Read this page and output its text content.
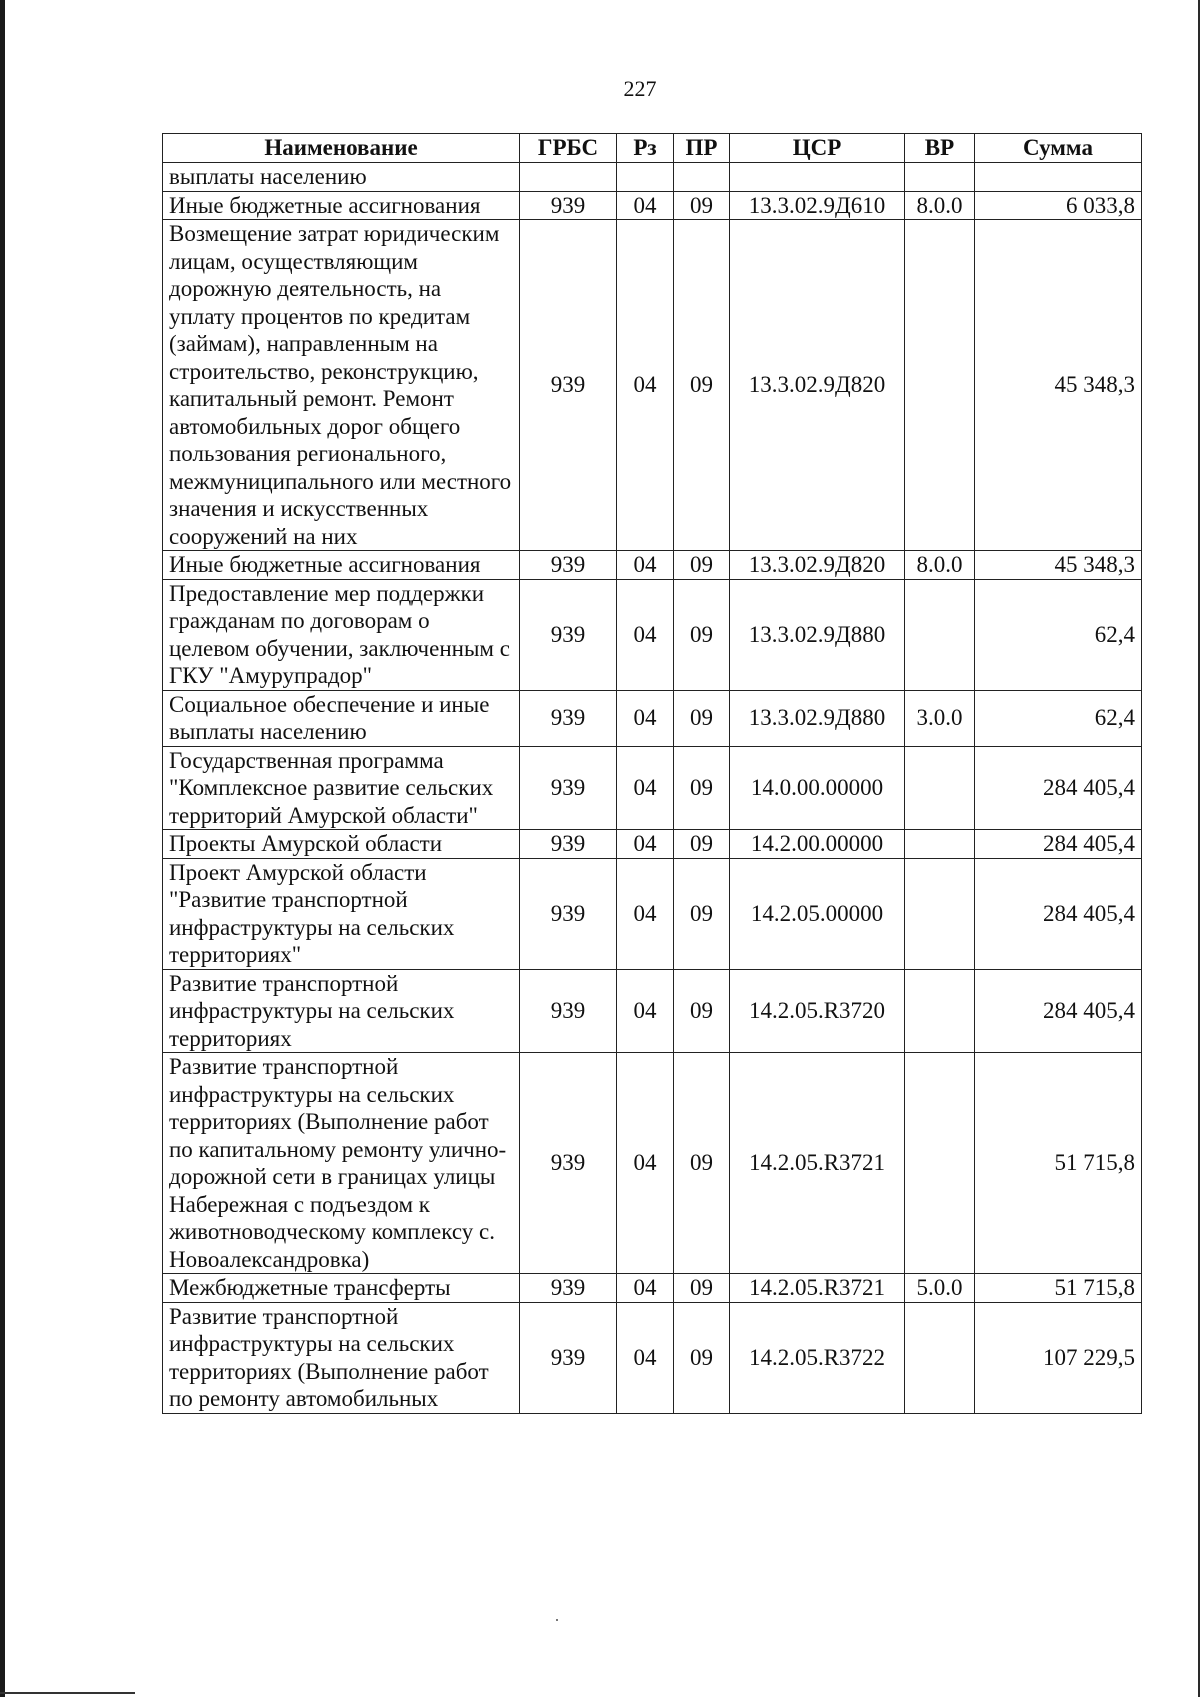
227
Наименование	ГРБС	Рз	ПР	ЦСР	ВР	Сумма
выплаты населению						
Иные бюджетные ассигнования	939	04	09	13.3.02.9Д610	8.0.0	6 033,8
Возмещение затрат юридическим лицам, осуществляющим дорожную деятельность, на уплату процентов по кредитам (займам), направленным на строительство, реконструкцию, капитальный ремонт. Ремонт автомобильных дорог общего пользования регионального, межмуниципального или местного значения и искусственных сооружений на них	939	04	09	13.3.02.9Д820		45 348,3
Иные бюджетные ассигнования	939	04	09	13.3.02.9Д820	8.0.0	45 348,3
Предоставление мер поддержки гражданам по договорам о целевом обучении, заключенным с ГКУ "Амурупрадор"	939	04	09	13.3.02.9Д880		62,4
Социальное обеспечение и иные выплаты населению	939	04	09	13.3.02.9Д880	3.0.0	62,4
Государственная программа "Комплексное развитие сельских территорий Амурской области"	939	04	09	14.0.00.00000		284 405,4
Проекты Амурской области	939	04	09	14.2.00.00000		284 405,4
Проект Амурской области "Развитие транспортной инфраструктуры на сельских территориях"	939	04	09	14.2.05.00000		284 405,4
Развитие транспортной инфраструктуры на сельских территориях	939	04	09	14.2.05.R3720		284 405,4
Развитие транспортной инфраструктуры на сельских территориях (Выполнение работ по капитальному ремонту улично-дорожной сети в границах улицы Набережная с подъездом к животноводческому комплексу с. Новоалександровка)	939	04	09	14.2.05.R3721		51 715,8
Межбюджетные трансферты	939	04	09	14.2.05.R3721	5.0.0	51 715,8
Развитие транспортной инфраструктуры на сельских территориях (Выполнение работ по ремонту автомобильных	939	04	09	14.2.05.R3722		107 229,5
